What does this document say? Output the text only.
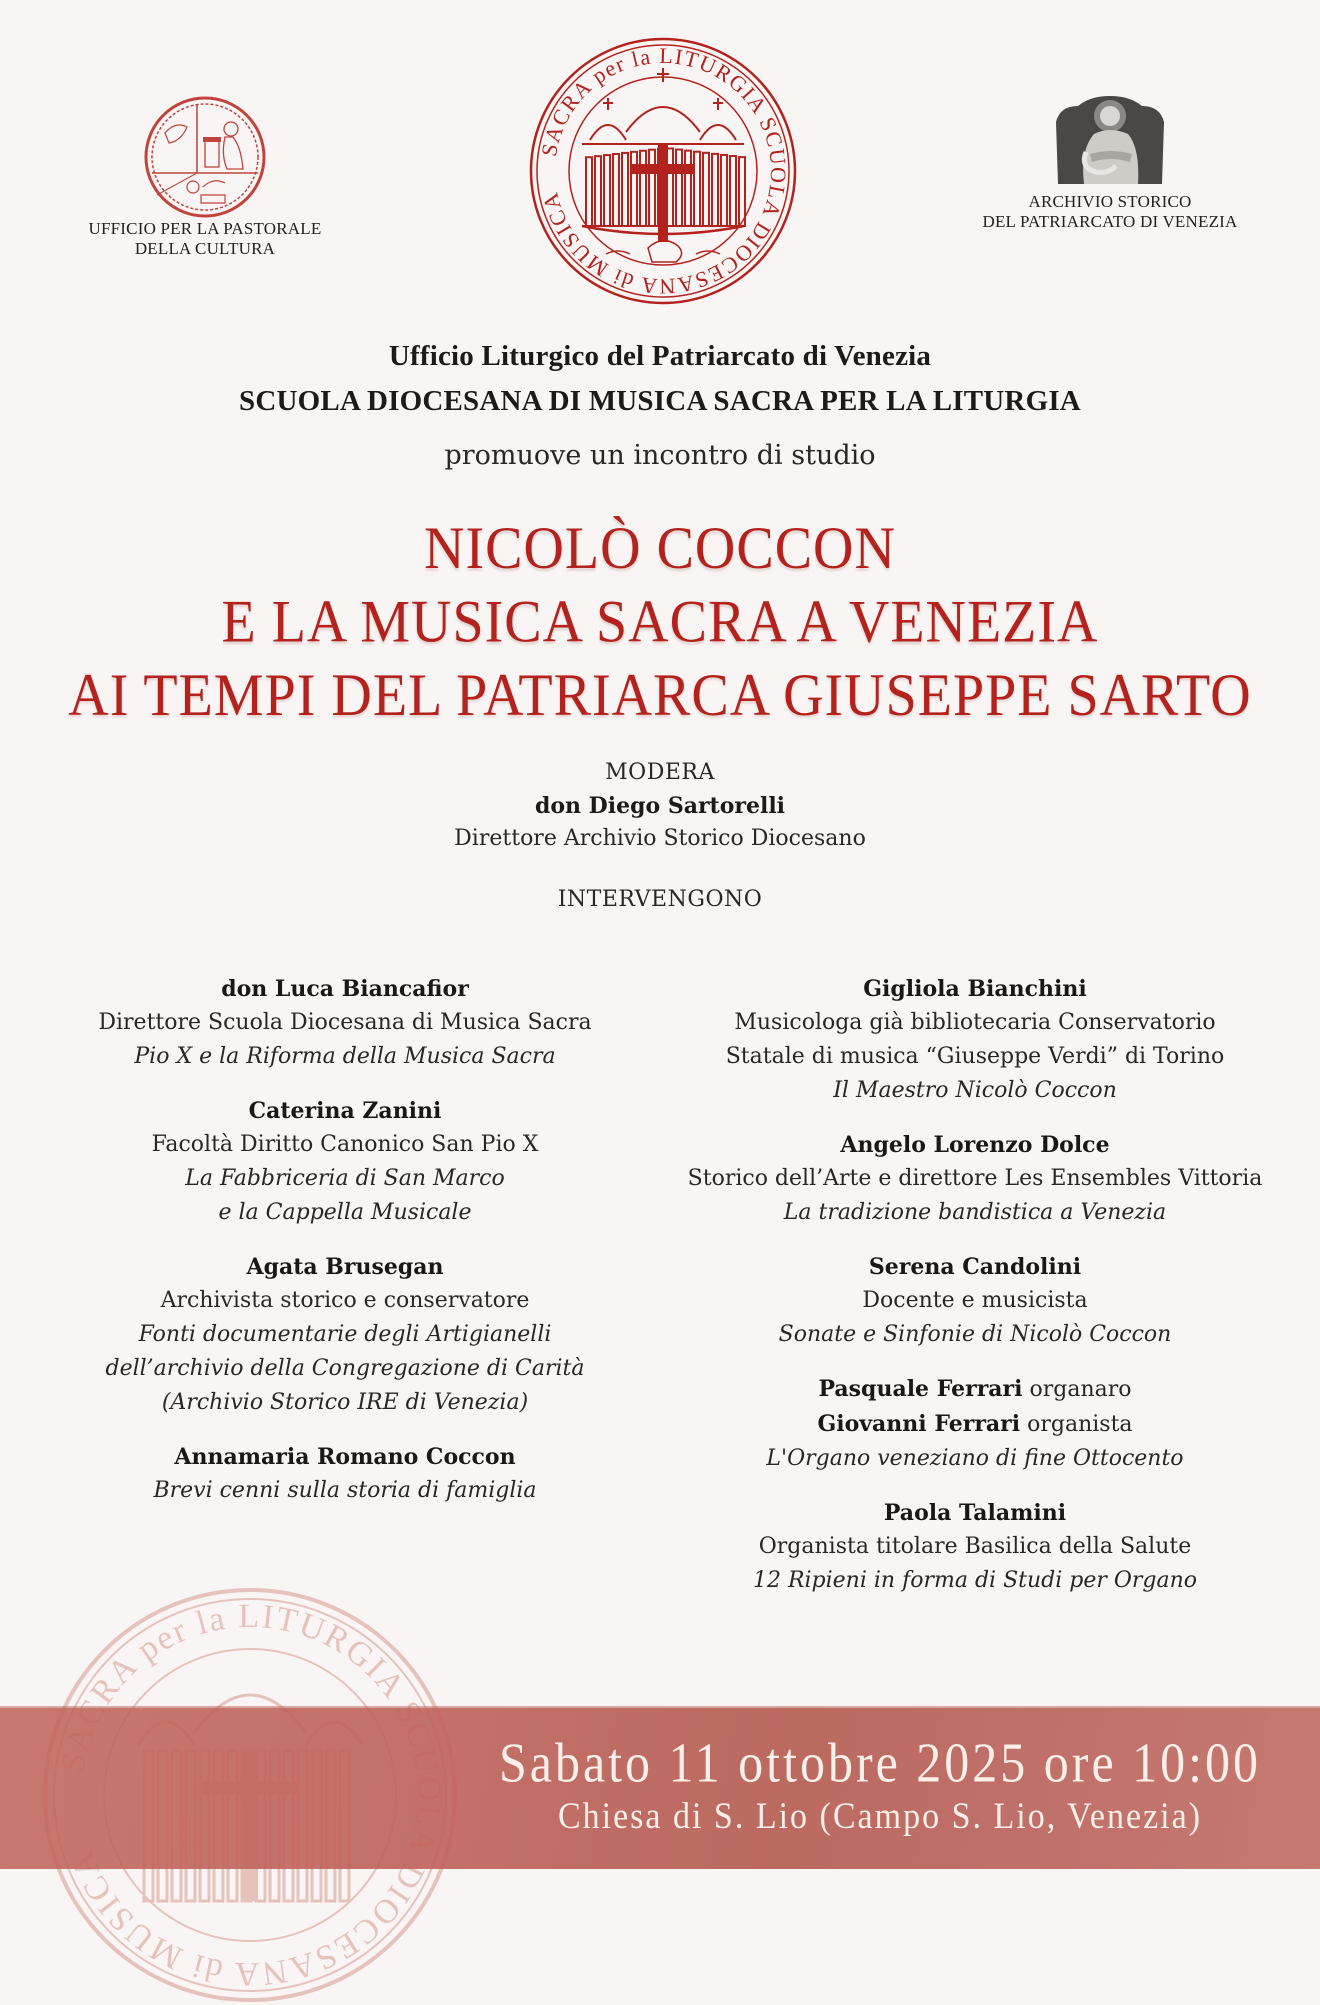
UFFICIO PER LA PASTORALE
DELLA CULTURA
SACRA per la LITURGIA SCUOLA DIOCESANA di MUSICA	ARCHIVIO STORICO
DEL PATRIARCATO DI VENEZIA
Ufficio Liturgico del Patriarcato di Venezia
SCUOLA DIOCESANA DI MUSICA SACRA PER LA LITURGIA
promuove un incontro di studio
NICOLÒ COCCON
E LA MUSICA SACRA A VENEZIA
AI TEMPI DEL PATRIARCA GIUSEPPE SARTO
MODERA
don Diego Sartorelli
Direttore Archivio Storico Diocesano
INTERVENGONO
don Luca Biancafior
Direttore Scuola Diocesana di Musica Sacra
Pio X e la Riforma della Musica Sacra
Caterina Zanini
Facoltà Diritto Canonico San Pio X
La Fabbriceria di San Marco
e la Cappella Musicale
Agata Brusegan
Archivista storico e conservatore
Fonti documentarie degli Artigianelli
dell’archivio della Congregazione di Carità
(Archivio Storico IRE di Venezia)
Annamaria Romano Coccon
Brevi cenni sulla storia di famiglia
Gigliola Bianchini
Musicologa già bibliotecaria Conservatorio
Statale di musica “Giuseppe Verdi” di Torino
Il Maestro Nicolò Coccon
Angelo Lorenzo Dolce
Storico dell’Arte e direttore Les Ensembles Vittoria
La tradizione bandistica a Venezia
Serena Candolini
Docente e musicista
Sonate e Sinfonie di Nicolò Coccon
Pasquale Ferrari organaro
Giovanni Ferrari organista
L'Organo veneziano di fine Ottocento
Paola Talamini
Organista titolare Basilica della Salute
12 Ripieni in forma di Studi per Organo
SACRA per la LITURGIA SCUOLA DIOCESANA di MUSICA
Sabato 11 ottobre 2025 ore 10:00
Chiesa di S. Lio (Campo S. Lio, Venezia)
